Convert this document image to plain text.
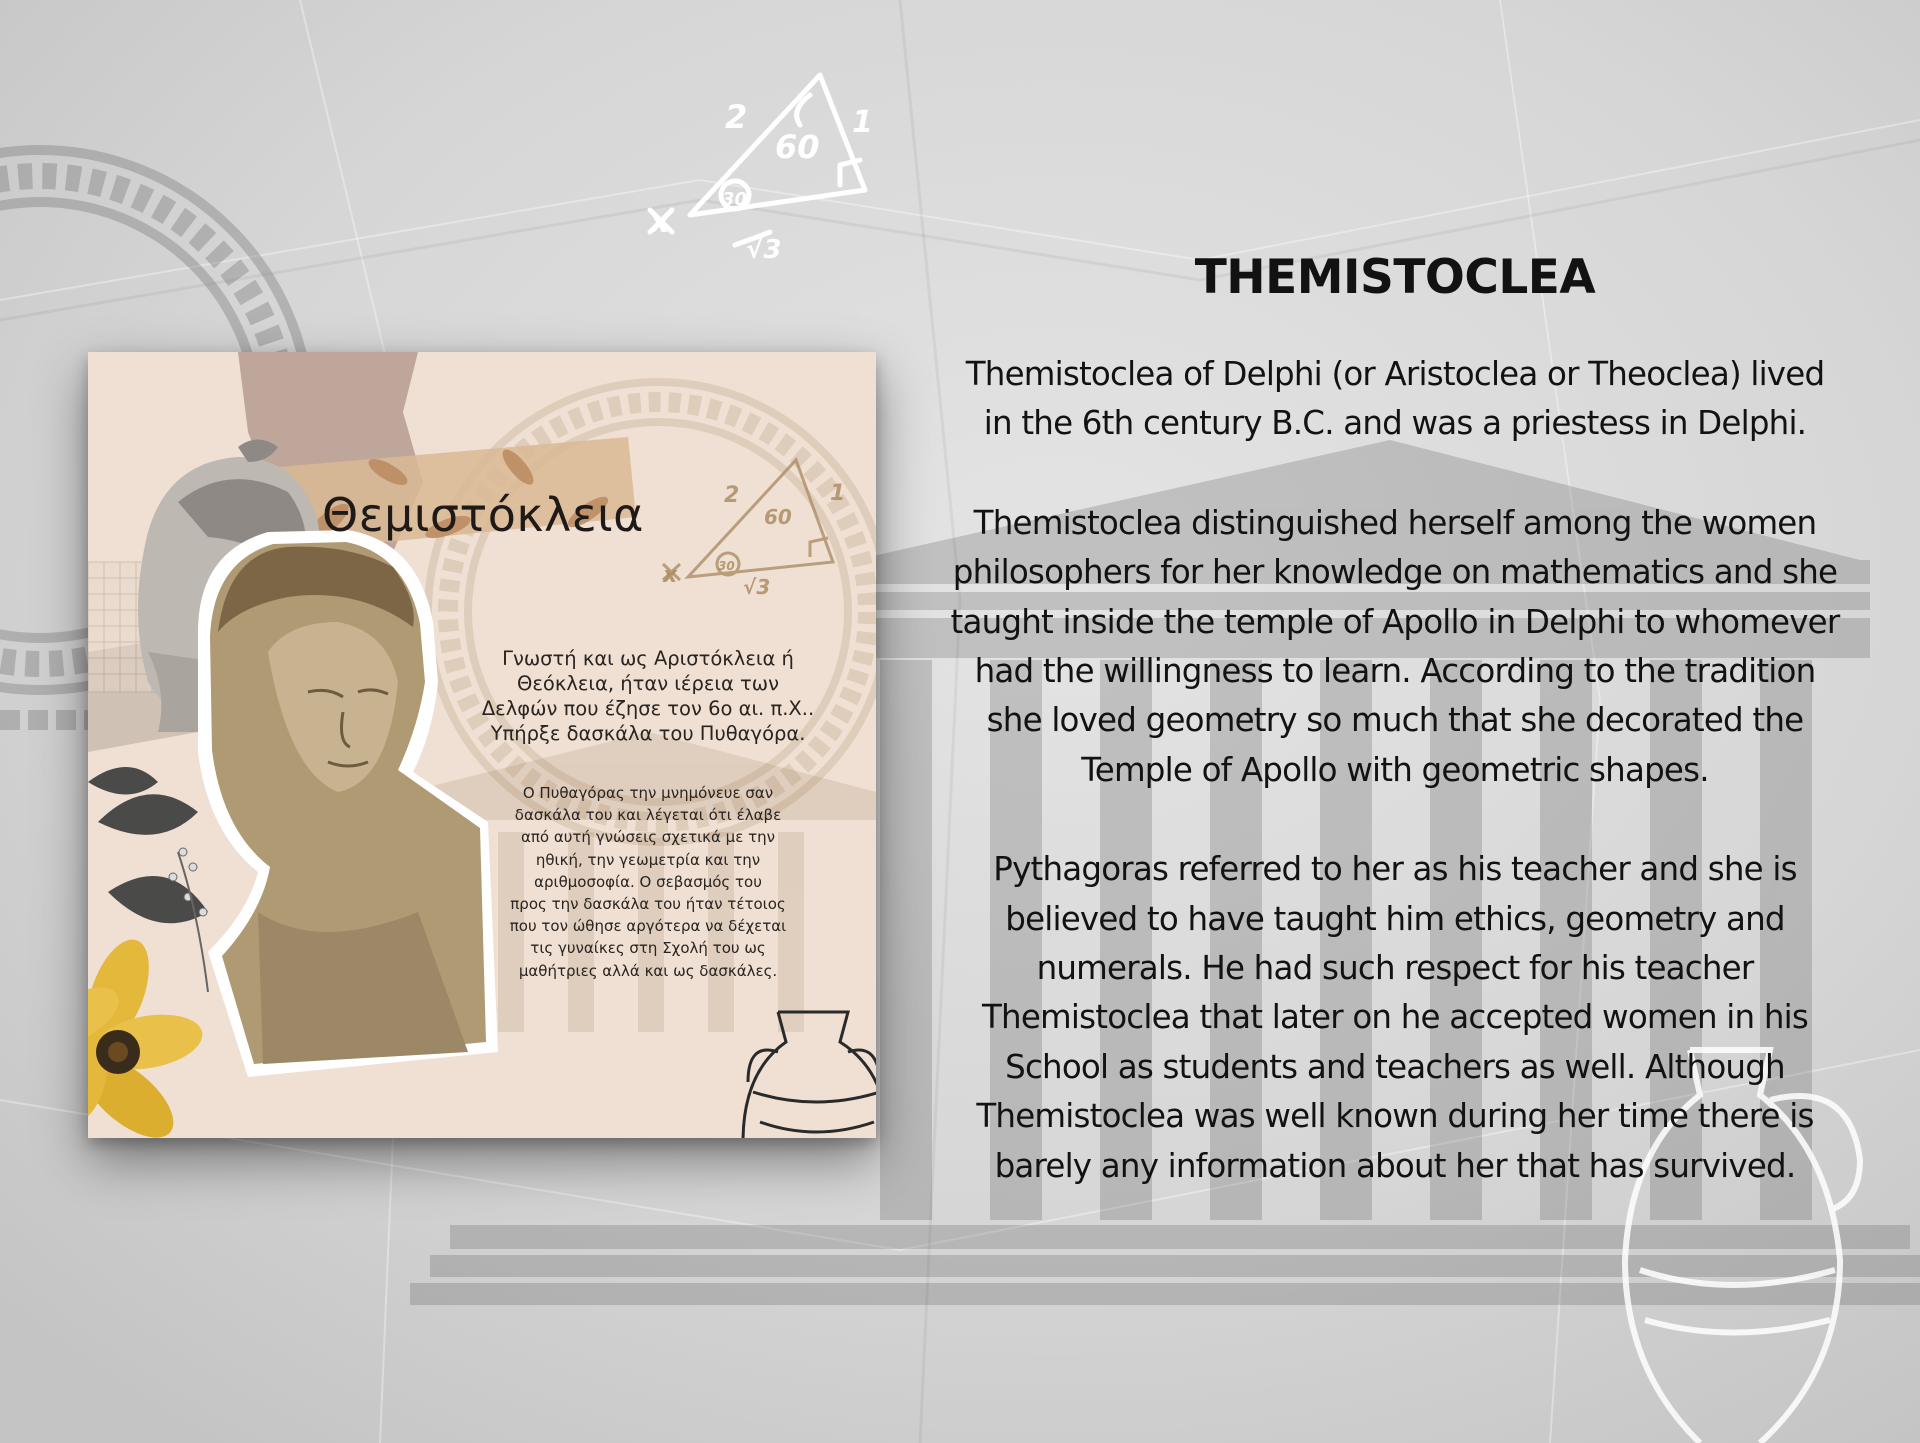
2
60
1
30
x
√3
2
60
1
30
x	√3
Θεμιστόκλεια
Γνωστή και ως Αριστόκλεια ή
Θεόκλεια, ήταν ιέρεια των
Δελφών που έζησε τον 6ο αι. π.Χ..
Υπήρξε δασκάλα του Πυθαγόρα.
Ο Πυθαγόρας την μνημόνευε σαν
δασκάλα του και λέγεται ότι έλαβε
από αυτή γνώσεις σχετικά με την
ηθική, την γεωμετρία και την
αριθμοσοφία. Ο σεβασμός του
προς την δασκάλα του ήταν τέτοιος
που τον ώθησε αργότερα να δέχεται
τις γυναίκες στη Σχολή του ως
μαθήτριες αλλά και ως δασκάλες.
THEMISTOCLEA
Themistoclea of Delphi (or Aristoclea or Theoclea) lived
in the 6th century B.C. and was a priestess in Delphi.
Themistoclea distinguished herself among the women
philosophers for her knowledge on mathematics and she
taught inside the temple of Apollo in Delphi to whomever
had the willingness to learn. According to the tradition
she loved geometry so much that she decorated the
Temple of Apollo with geometric shapes.
Pythagoras referred to her as his teacher and she is
believed to have taught him ethics, geometry and
numerals. He had such respect for his teacher
Themistoclea that later on he accepted women in his
School as students and teachers as well. Although
Themistoclea was well known during her time there is
barely any information about her that has survived.
